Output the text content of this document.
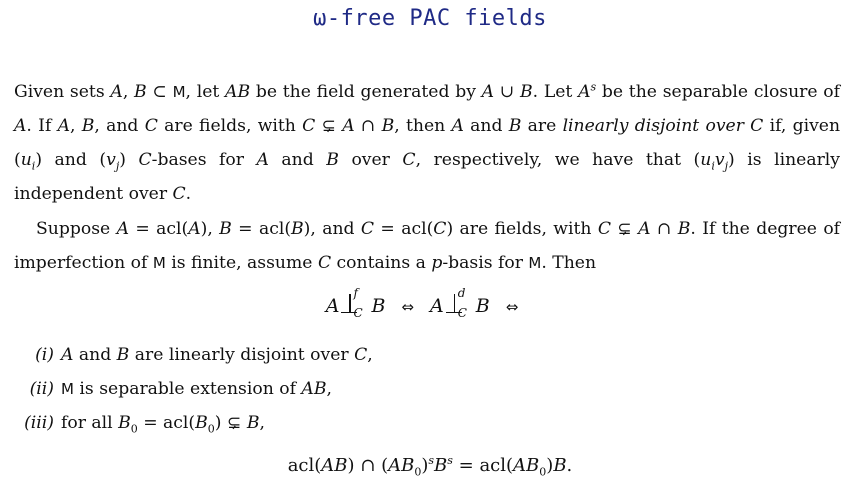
ω-free PAC fields

Given sets A, B ⊂ M, let AB be the field generated by A ∪ B. Let $A^s$ be the separable closure of A. If A, B, and C are fields, with C ⊊ A ∩ B, then A and B are linearly disjoint over C if, given $(u_i)$ and $(v_j)$ C-bases for A and B over C, respectively, we have that $(u_iv_j)$ is linearly independent over C.

Suppose A = acl(A), B = acl(B), and C = acl(C) are fields, with C ⊊ A ∩ B. If the degree of imperfection of M is finite, assume C contains a p-basis for M. Then

A
f
C B ⇔ A
d
C B ⇔
(i) A and B are linearly disjoint over C,
(ii) M is separable extension of AB,
(iii) for all $B_0 = acl(B_0)$ ⊊ B,
acl(AB) ∩ $(AB_0)^sB^s = acl(AB_0)B$.
